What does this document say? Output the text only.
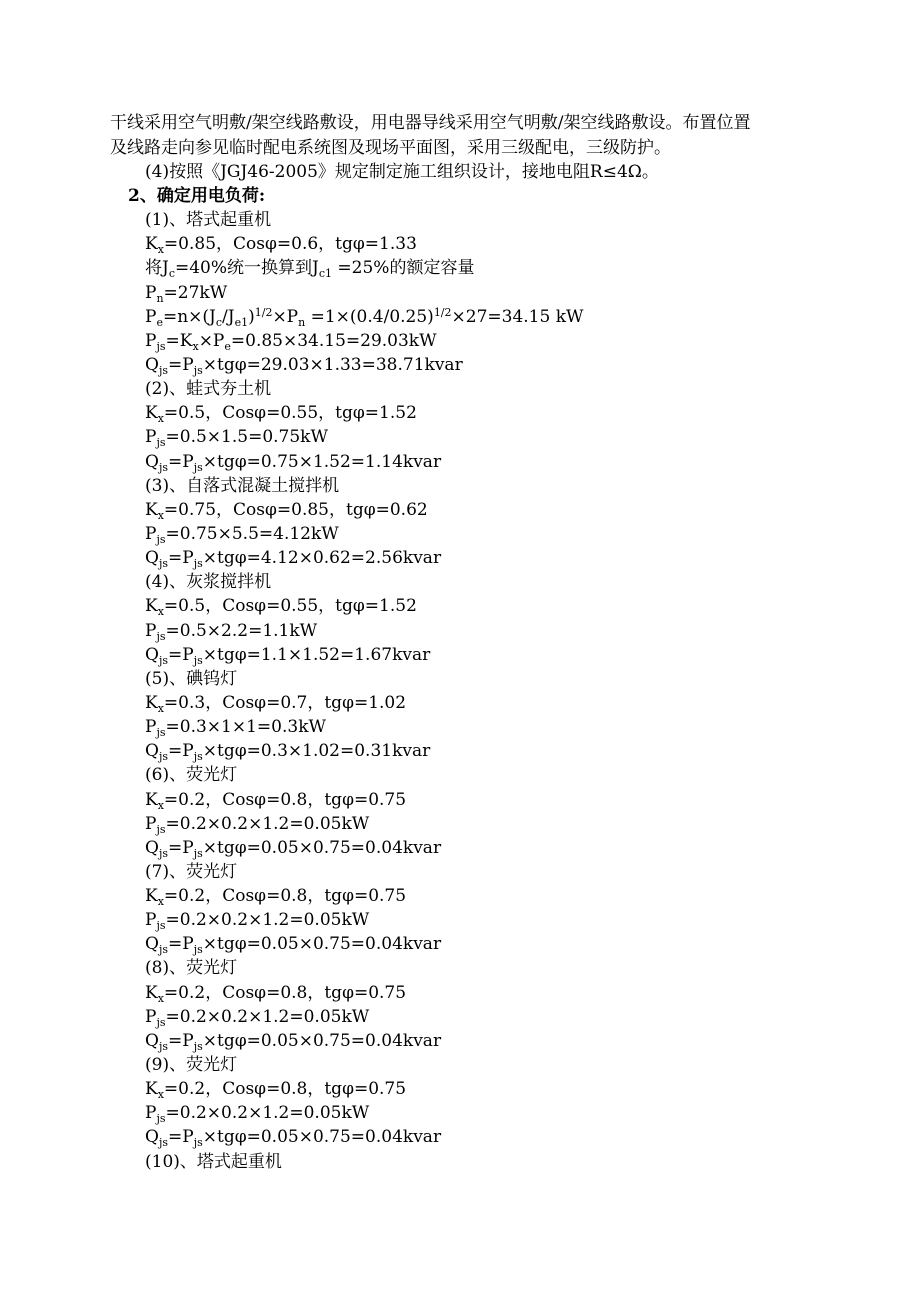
干线采用空气明敷/架空线路敷设，用电器导线采用空气明敷/架空线路敷设。布置位置
及线路走向参见临时配电系统图及现场平面图，采用三级配电，三级防护。
(4)按照《JGJ46-2005》规定制定施工组织设计，接地电阻R≤4Ω。
2、确定用电负荷:
(1)、塔式起重机
$K_x=0.85$，Cosφ=0.6，tgφ=1.33
将$J_c=40\%$统一换算到$J_{c1} =25\%$的额定容量
$P_n=27kW$
$P_e=n\times(J_c/J_{e1})^{1/2}\times P_n =1\times(0.4/0.25)^{1/2}\times 27=34.15$ kW
$P_{js}=K_x\times P_e=0.85\times 34.15=29.03kW$
$Q_{js}=P_{js}\times tg\varphi=29.03\times 1.33=38.71kvar$
(2)、蛙式夯土机
$K_x=0.5$，Cosφ=0.55，tgφ=1.52
$P_{js}=0.5\times 1.5=0.75kW$
$Q_{js}=P_{js}\times tg\varphi=0.75\times 1.52=1.14kvar$
(3)、自落式混凝土搅拌机
$K_x=0.75$，Cosφ=0.85，tgφ=0.62
$P_{js}=0.75\times 5.5=4.12kW$
$Q_{js}=P_{js}\times tg\varphi=4.12\times 0.62=2.56kvar$
(4)、灰浆搅拌机
$K_x=0.5$，Cosφ=0.55，tgφ=1.52
$P_{js}=0.5\times 2.2=1.1kW$
$Q_{js}=P_{js}\times tg\varphi=1.1\times 1.52=1.67kvar$
(5)、碘钨灯
$K_x=0.3$，Cosφ=0.7，tgφ=1.02
$P_{js}=0.3\times 1\times 1=0.3kW$
$Q_{js}=P_{js}\times tg\varphi=0.3\times 1.02=0.31kvar$
(6)、荧光灯
$K_x=0.2$，Cosφ=0.8，tgφ=0.75
$P_{js}=0.2\times 0.2\times 1.2=0.05kW$
$Q_{js}=P_{js}\times tg\varphi=0.05\times 0.75=0.04kvar$
(7)、荧光灯
$K_x=0.2$，Cosφ=0.8，tgφ=0.75
$P_{js}=0.2\times 0.2\times 1.2=0.05kW$
$Q_{js}=P_{js}\times tg\varphi=0.05\times 0.75=0.04kvar$
(8)、荧光灯
$K_x=0.2$，Cosφ=0.8，tgφ=0.75
$P_{js}=0.2\times 0.2\times 1.2=0.05kW$
$Q_{js}=P_{js}\times tg\varphi=0.05\times 0.75=0.04kvar$
(9)、荧光灯
$K_x=0.2$，Cosφ=0.8，tgφ=0.75
$P_{js}=0.2\times 0.2\times 1.2=0.05kW$
$Q_{js}=P_{js}\times tg\varphi=0.05\times 0.75=0.04kvar$
(10)、塔式起重机
